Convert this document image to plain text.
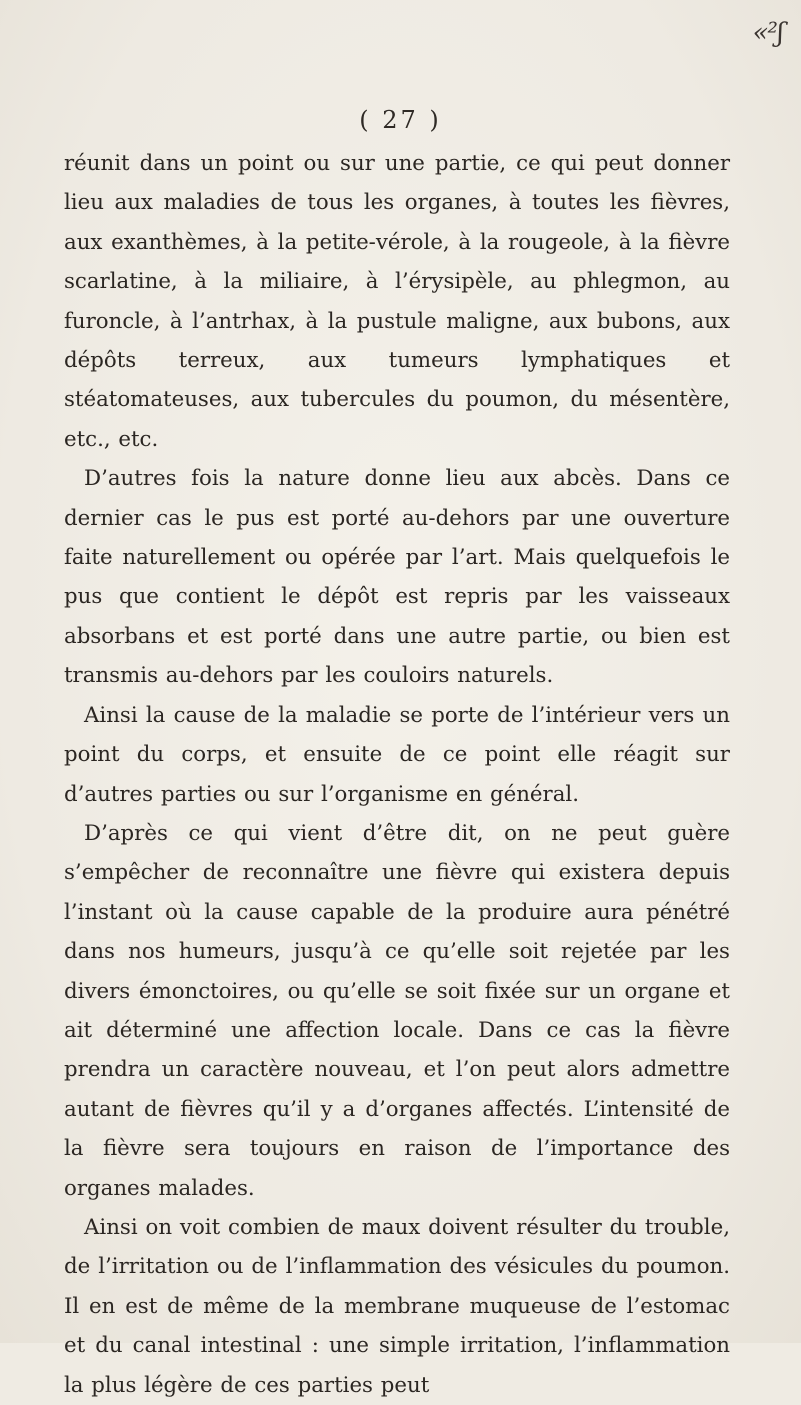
«²ʃ
( 27 )

réunit dans un point ou sur une partie, ce qui peut donner lieu aux maladies de tous les organes, à toutes les fièvres, aux exanthèmes, à la petite-vérole, à la rougeole, à la fièvre scarlatine, à la miliaire, à l’érysipèle, au phlegmon, au furoncle, à l’antrhax, à la pustule maligne, aux bubons, aux dépôts terreux, aux tumeurs lymphatiques et stéatomateuses, aux tubercules du poumon, du mésentère, etc., etc.

D’autres fois la nature donne lieu aux abcès. Dans ce dernier cas le pus est porté au-dehors par une ouverture faite naturellement ou opérée par l’art. Mais quelquefois le pus que contient le dépôt est repris par les vaisseaux absorbans et est porté dans une autre partie, ou bien est transmis au-dehors par les couloirs naturels.

Ainsi la cause de la maladie se porte de l’intérieur vers un point du corps, et ensuite de ce point elle réagit sur d’autres parties ou sur l’organisme en général.

D’après ce qui vient d’être dit, on ne peut guère s’empêcher de reconnaître une fièvre qui existera depuis l’instant où la cause capable de la produire aura pénétré dans nos humeurs, jusqu’à ce qu’elle soit rejetée par les divers émonctoires, ou qu’elle se soit fixée sur un organe et ait déterminé une affection locale. Dans ce cas la fièvre prendra un caractère nouveau, et l’on peut alors admettre autant de fièvres qu’il y a d’organes affectés. L’intensité de la fièvre sera toujours en raison de l’importance des organes malades.

Ainsi on voit combien de maux doivent résulter du trouble, de l’irritation ou de l’inflammation des vésicules du poumon. Il en est de même de la membrane muqueuse de l’estomac et du canal intestinal : une simple irritation, l’inflammation la plus légère de ces parties peut
